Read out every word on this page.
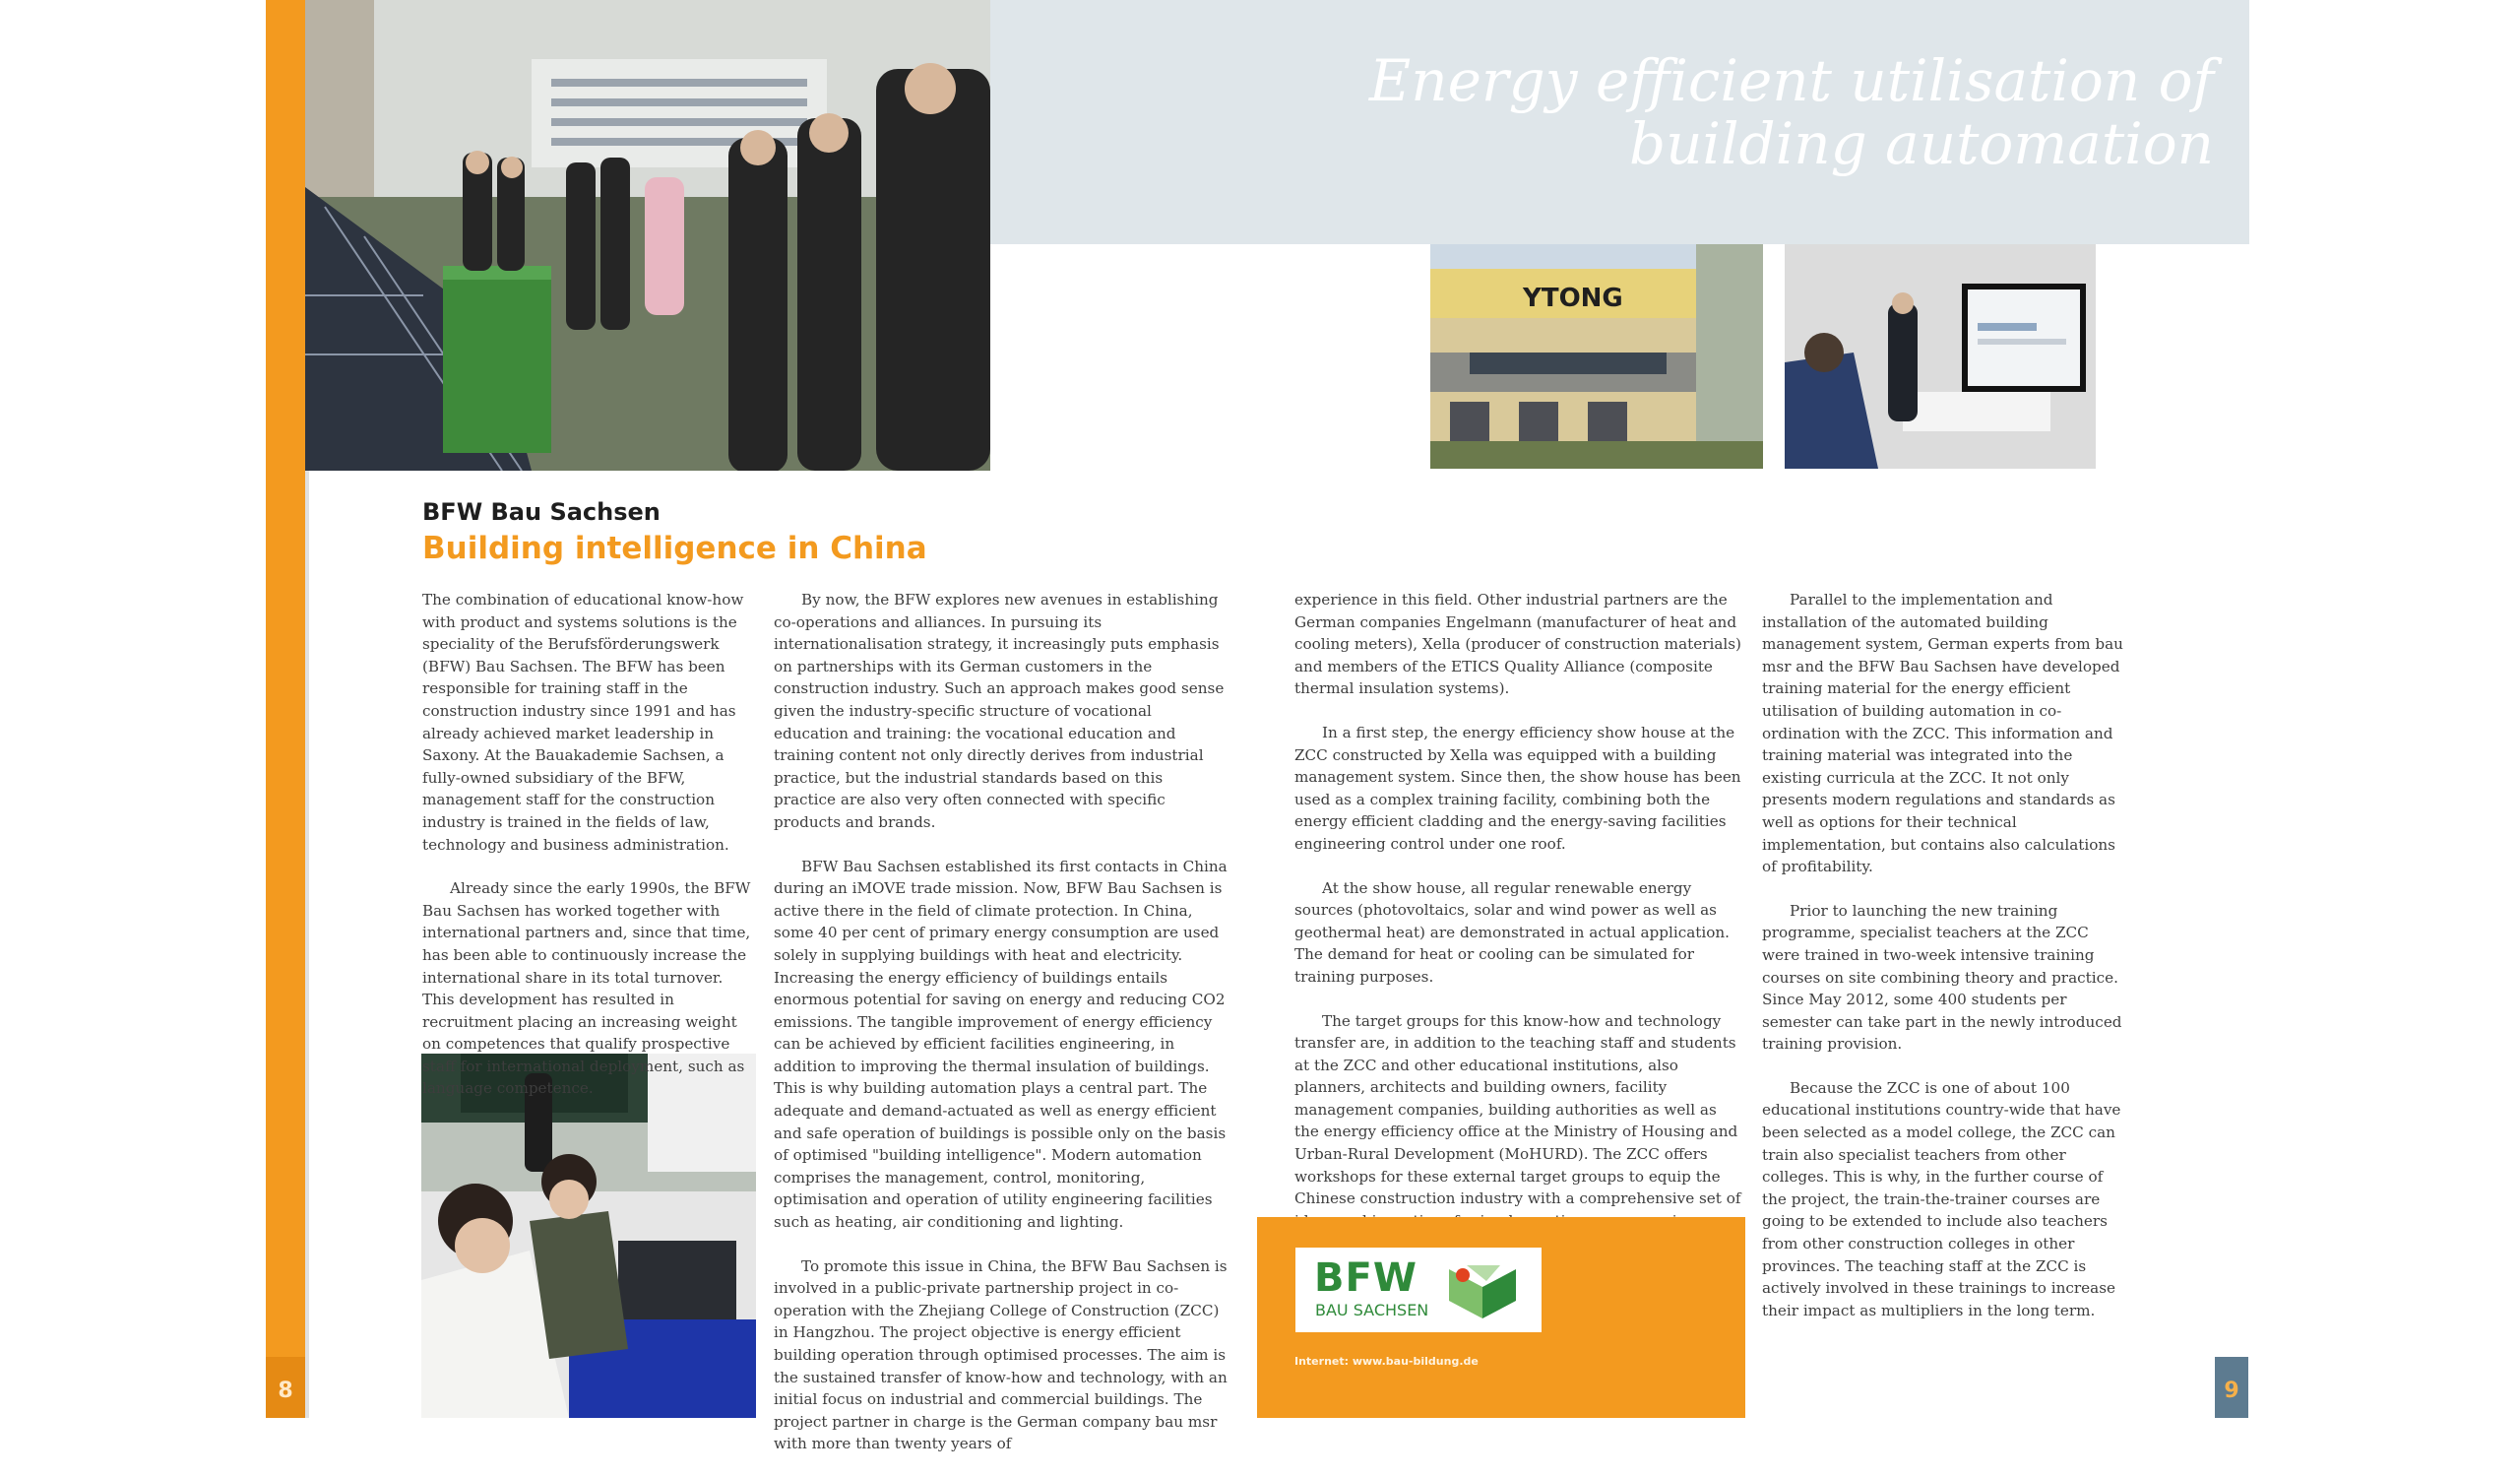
8	9
Energy efficient utilisation of building automation
YTONG
BFW Bau Sachsen
Building intelligence in China

The combination of educational know-how with product and systems solutions is the speciality of the Berufsförderungswerk (BFW) Bau Sachsen. The BFW has been responsible for training staff in the construction industry since 1991 and has already achieved market leadership in Saxony. At the Bauakademie Sachsen, a fully-owned subsidiary of the BFW, management staff for the construction industry is trained in the fields of law, technology and business administration.

Already since the early 1990s, the BFW Bau Sachsen has worked together with international partners and, since that time, has been able to continuously increase the international share in its total turnover. This development has resulted in recruitment placing an increasing weight on competences that qualify prospective staff for international deployment, such as language competence.

By now, the BFW explores new avenues in establishing co-operations and alliances. In pursuing its internationalisation strategy, it increasingly puts emphasis on partnerships with its German customers in the construction industry. Such an approach makes good sense given the industry-specific structure of vocational education and training: the vocational education and training content not only directly derives from industrial practice, but the industrial standards based on this practice are also very often connected with specific products and brands.

BFW Bau Sachsen established its first contacts in China during an iMOVE trade mission. Now, BFW Bau Sachsen is active there in the field of climate protection. In China, some 40 per cent of primary energy consumption are used solely in supplying buildings with heat and electricity. Increasing the energy efficiency of buildings entails enormous potential for saving on energy and reducing CO2 emissions. The tangible improvement of energy efficiency can be achieved by efficient facilities engineering, in addition to improving the thermal insulation of buildings. This is why building automation plays a central part. The adequate and demand-actuated as well as energy efficient and safe operation of buildings is possible only on the basis of optimised "building intelligence". Modern automation comprises the management, control, monitoring, optimisation and operation of utility engineering facilities such as heating, air conditioning and lighting.

To promote this issue in China, the BFW Bau Sachsen is involved in a public-private partnership project in co-operation with the Zhejiang College of Construction (ZCC) in Hangzhou. The project objective is energy efficient building operation through optimised processes. The aim is the sustained transfer of know-how and technology, with an initial focus on industrial and commercial buildings. The project partner in charge is the German company bau msr with more than twenty years of

experience in this field. Other industrial partners are the German companies Engelmann (manufacturer of heat and cooling meters), Xella (producer of construction materials) and members of the ETICS Quality Alliance (composite thermal insulation systems).

In a first step, the energy efficiency show house at the ZCC constructed by Xella was equipped with a building management system. Since then, the show house has been used as a complex training facility, combining both the energy efficient cladding and the energy-saving facilities engineering control under one roof.

At the show house, all regular renewable energy sources (photovoltaics, solar and wind power as well as geothermal heat) are demonstrated in actual application. The demand for heat or cooling can be simulated for training purposes.

The target groups for this know-how and technology transfer are, in addition to the teaching staff and students at the ZCC and other educational institutions, also planners, architects and building owners, facility management companies, building authorities as well as the energy efficiency office at the Ministry of Housing and Urban-Rural Development (MoHURD). The ZCC offers workshops for these external target groups to equip the Chinese construction industry with a comprehensive set of

Parallel to the implementation and installation of the automated building management system, German experts from bau msr and the BFW Bau Sachsen have developed training material for the energy efficient utilisation of building automation in co-ordination with the ZCC. This information and training material was integrated into the existing curricula at the ZCC. It not only presents modern regulations and standards as well as options for their technical implementation, but contains also calculations of profitability.

Prior to launching the new training programme, specialist teachers at the ZCC were trained in two-week intensive training courses on site combining theory and practice. Since May 2012, some 400 students per semester can take part in the newly introduced training provision.

Because the ZCC is one of about 100 educational institutions country-wide that have been selected as a model college, the ZCC can train also specialist teachers from other colleges. This is why, in the further course of the project, the train-the-trainer courses are going to be extended to include also teachers from other construction colleges in other provinces. The teaching staff at the ZCC is actively involved in these trainings to increase their impact as multipliers in the long term.

BFW
BAU SACHSEN
Internet: www.bau-bildung.de
